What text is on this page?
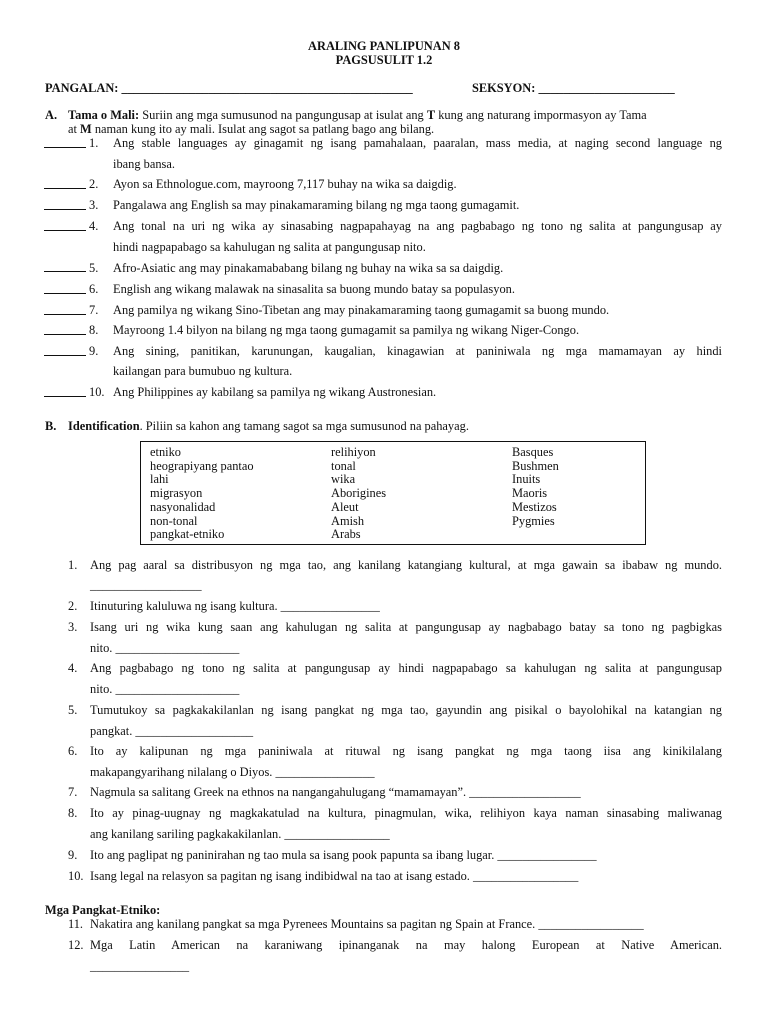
ARALING PANLIPUNAN 8
PAGSUSULIT 1.2
PANGALAN: _______________________________________________	SEKSYON: ______________________
A. Tama o Mali: Suriin ang mga sumusunod na pangungusap at isulat ang T kung ang naturang impormasyon ay Tama
at M naman kung ito ay mali. Isulat ang sagot sa patlang bago ang bilang.
1. Ang stable languages ay ginagamit ng isang pamahalaan, paaralan, mass media, at naging second language ng
ibang bansa.
2. Ayon sa Ethnologue.com, mayroong 7,117 buhay na wika sa daigdig.
3. Pangalawa ang English sa may pinakamaraming bilang ng mga taong gumagamit.
4. Ang tonal na uri ng wika ay sinasabing nagpapahayag na ang pagbabago ng tono ng salita at pangungusap ay
hindi nagpapabago sa kahulugan ng salita at pangungusap nito.
5. Afro-Asiatic ang may pinakamababang bilang ng buhay na wika sa sa daigdig.
6. English ang wikang malawak na sinasalita sa buong mundo batay sa populasyon.
7. Ang pamilya ng wikang Sino-Tibetan ang may pinakamaraming taong gumagamit sa buong mundo.
8. Mayroong 1.4 bilyon na bilang ng mga taong gumagamit sa pamilya ng wikang Niger-Congo.
9. Ang sining, panitikan, karunungan, kaugalian, kinagawian at paniniwala ng mga mamamayan ay hindi
kailangan para bumubuo ng kultura.
10. Ang Philippines ay kabilang sa pamilya ng wikang Austronesian.
B. Identification. Piliin sa kahon ang tamang sagot sa mga sumusunod na pahayag.
etniko
heograpiyang pantao
lahi
migrasyon
nasyonalidad
non-tonal
pangkat-etniko
relihiyon
tonal
wika
Aborigines
Aleut
Amish
Arabs
Basques
Bushmen
Inuits
Maoris
Mestizos
Pygmies
1. Ang pag aaral sa distribusyon ng mga tao, ang kanilang katangiang kultural, at mga gawain sa ibabaw ng mundo.
__________________
2. Itinuturing kaluluwa ng isang kultura. ________________
3. Isang uri ng wika kung saan ang kahulugan ng salita at pangungusap ay nagbabago batay sa tono ng pagbigkas
nito. ____________________
4. Ang pagbabago ng tono ng salita at pangungusap ay hindi nagpapabago sa kahulugan ng salita at pangungusap
nito. ____________________
5. Tumutukoy sa pagkakakilanlan ng isang pangkat ng mga tao, gayundin ang pisikal o bayolohikal na katangian ng
pangkat. ___________________
6. Ito ay kalipunan ng mga paniniwala at rituwal ng isang pangkat ng mga taong iisa ang kinikilalang
makapangyarihang nilalang o Diyos. ________________
7. Nagmula sa salitang Greek na ethnos na nangangahulugang “mamamayan”. __________________
8. Ito ay pinag-uugnay ng magkakatulad na kultura, pinagmulan, wika, relihiyon kaya naman sinasabing maliwanag
ang kanilang sariling pagkakakilanlan. _________________
9. Ito ang paglipat ng paninirahan ng tao mula sa isang pook papunta sa ibang lugar. ________________
10. Isang legal na relasyon sa pagitan ng isang indibidwal na tao at isang estado. _________________
Mga Pangkat-Etniko:
11. Nakatira ang kanilang pangkat sa mga Pyrenees Mountains sa pagitan ng Spain at France. _________________
12. Mga Latin American na karaniwang ipinanganak na may halong European at Native American.
________________
